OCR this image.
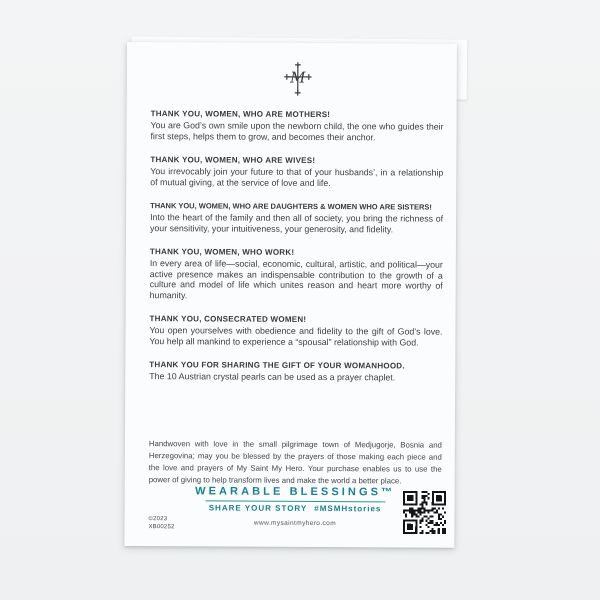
M
THANK YOU, WOMEN, WHO ARE MOTHERS!

You are God’s own smile upon the newborn child, the one who guides their first steps, helps them to grow, and becomes their anchor.

THANK YOU, WOMEN, WHO ARE WIVES!

You irrevocably join your future to that of your husbands’, in a relationship of mutual giving, at the service of love and life.

THANK YOU, WOMEN, WHO ARE DAUGHTERS & WOMEN WHO ARE SISTERS!

Into the heart of the family and then all of society, you bring the richness of your sensitivity, your intuitiveness, your generosity, and fidelity.

THANK YOU, WOMEN, WHO WORK!

In every area of life—social, economic, cultural, artistic, and political—your active presence makes an indispensable contribution to the growth of a culture and model of life which unites reason and heart more worthy of humanity.

THANK YOU, CONSECRATED WOMEN!

You open yourselves with obedience and fidelity to the gift of God’s love. You help all mankind to experience a “spousal” relationship with God.

THANK YOU FOR SHARING THE GIFT OF YOUR WOMANHOOD.

The 10 Austrian crystal pearls can be used as a prayer chaplet.

Handwoven with love in the small pilgrimage town of Medjugorje, Bosnia and Herzegovina; may you be blessed by the prayers of those making each piece and the love and prayers of My Saint My Hero. Your purchase enables us to use the power of giving to help transform lives and make the world a better place.

WEARABLE BLESSINGS™

SHARE YOUR STORY #MSMHstories

©2023
XB00252	www.mysaintmyhero.com
